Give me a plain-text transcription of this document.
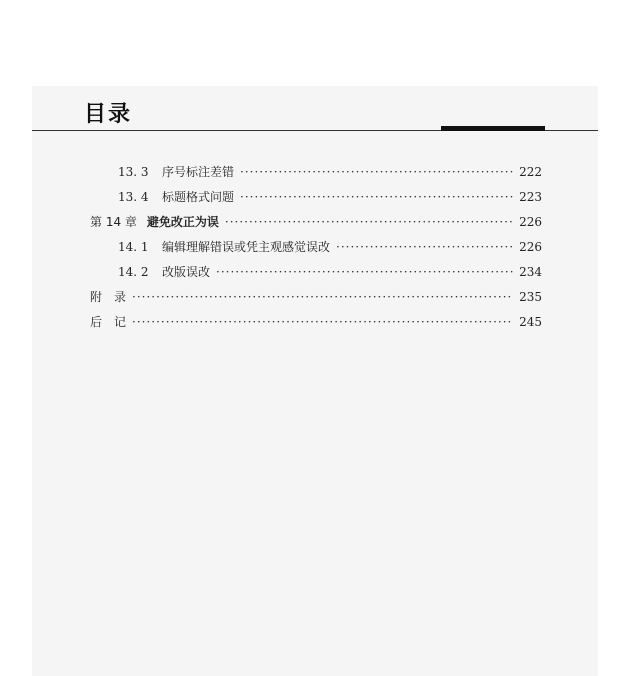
目录
13. 3	序号标注差错 ·····	222
13. 4	标题格式问题 ·····	223
第 14 章 避免改正为误 ·····	226
14. 1	编辑理解错误或凭主观感觉误改 ·····	226
14. 2	改版误改 ·····	234
附　录 ·····	235
后　记 ·····	245
